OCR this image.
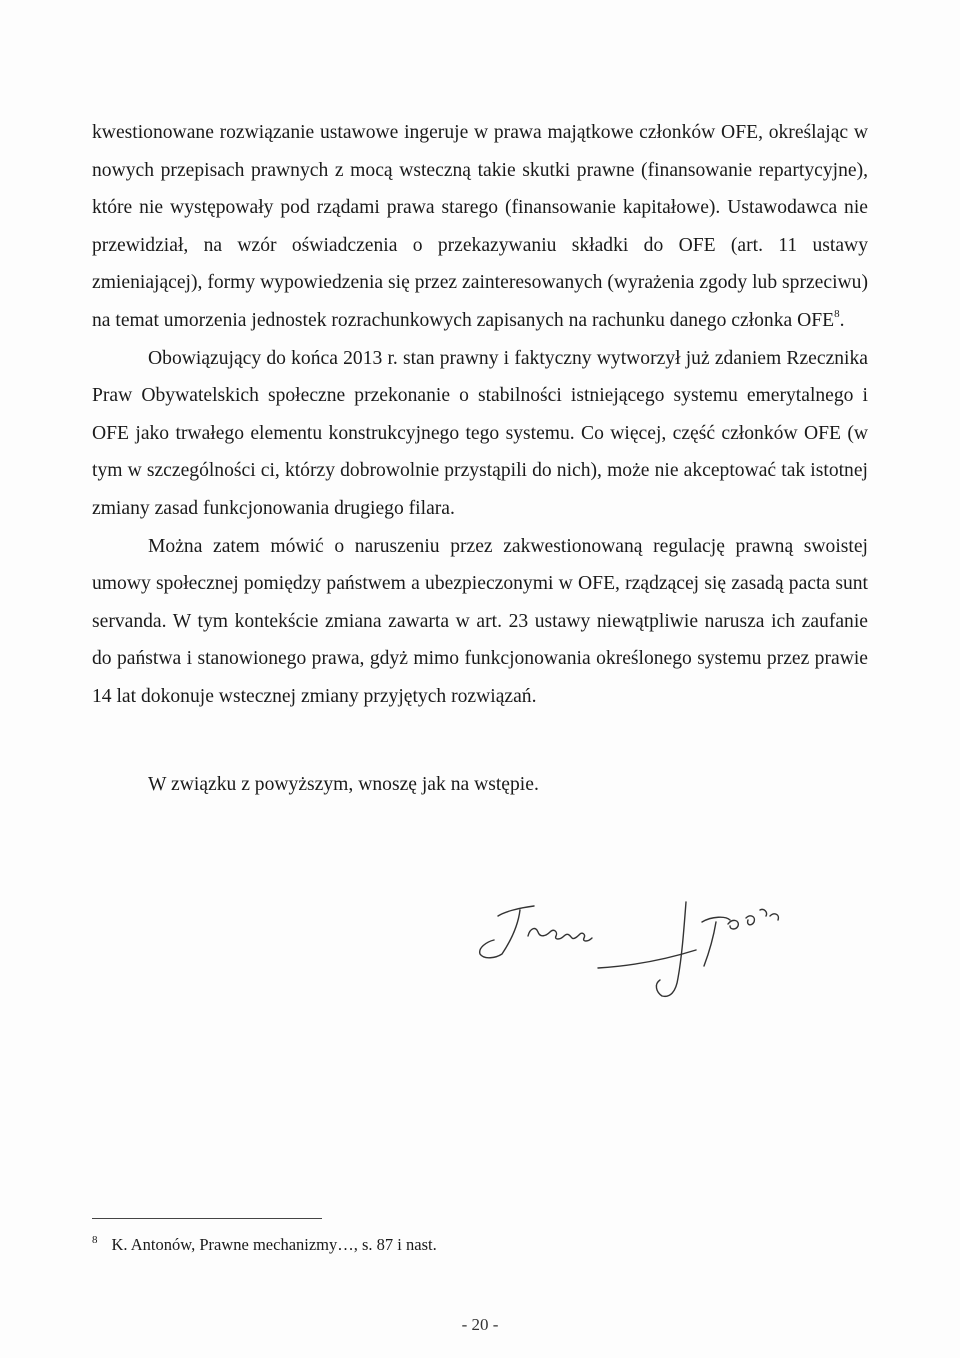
kwestionowane rozwiązanie ustawowe ingeruje w prawa majątkowe członków OFE, określając w nowych przepisach prawnych z mocą wsteczną takie skutki prawne (finansowanie repartycyjne), które nie występowały pod rządami prawa starego (finansowanie kapitałowe). Ustawodawca nie przewidział, na wzór oświadczenia o przekazywaniu składki do OFE (art. 11 ustawy zmieniającej), formy wypowiedzenia się przez zainteresowanych (wyrażenia zgody lub sprzeciwu) na temat umorzenia jednostek rozrachunkowych zapisanych na rachunku danego członka OFE$^8$.

Obowiązujący do końca 2013 r. stan prawny i faktyczny wytworzył już zdaniem Rzecznika Praw Obywatelskich społeczne przekonanie o stabilności istniejącego systemu emerytalnego i OFE jako trwałego elementu konstrukcyjnego tego systemu. Co więcej, część członków OFE (w tym w szczególności ci, którzy dobrowolnie przystąpili do nich), może nie akceptować tak istotnej zmiany zasad funkcjonowania drugiego filara.

Można zatem mówić o naruszeniu przez zakwestionowaną regulację prawną swoistej umowy społecznej pomiędzy państwem a ubezpieczonymi w OFE, rządzącej się zasadą pacta sunt servanda. W tym kontekście zmiana zawarta w art. 23 ustawy niewątpliwie narusza ich zaufanie do państwa i stanowionego prawa, gdyż mimo funkcjonowania określonego systemu przez prawie 14 lat dokonuje wstecznej zmiany przyjętych rozwiązań.

W związku z powyższym, wnoszę jak na wstępie.
$^8$ K. Antonów, Prawne mechanizmy…, s. 87 i nast.
- 20 -
